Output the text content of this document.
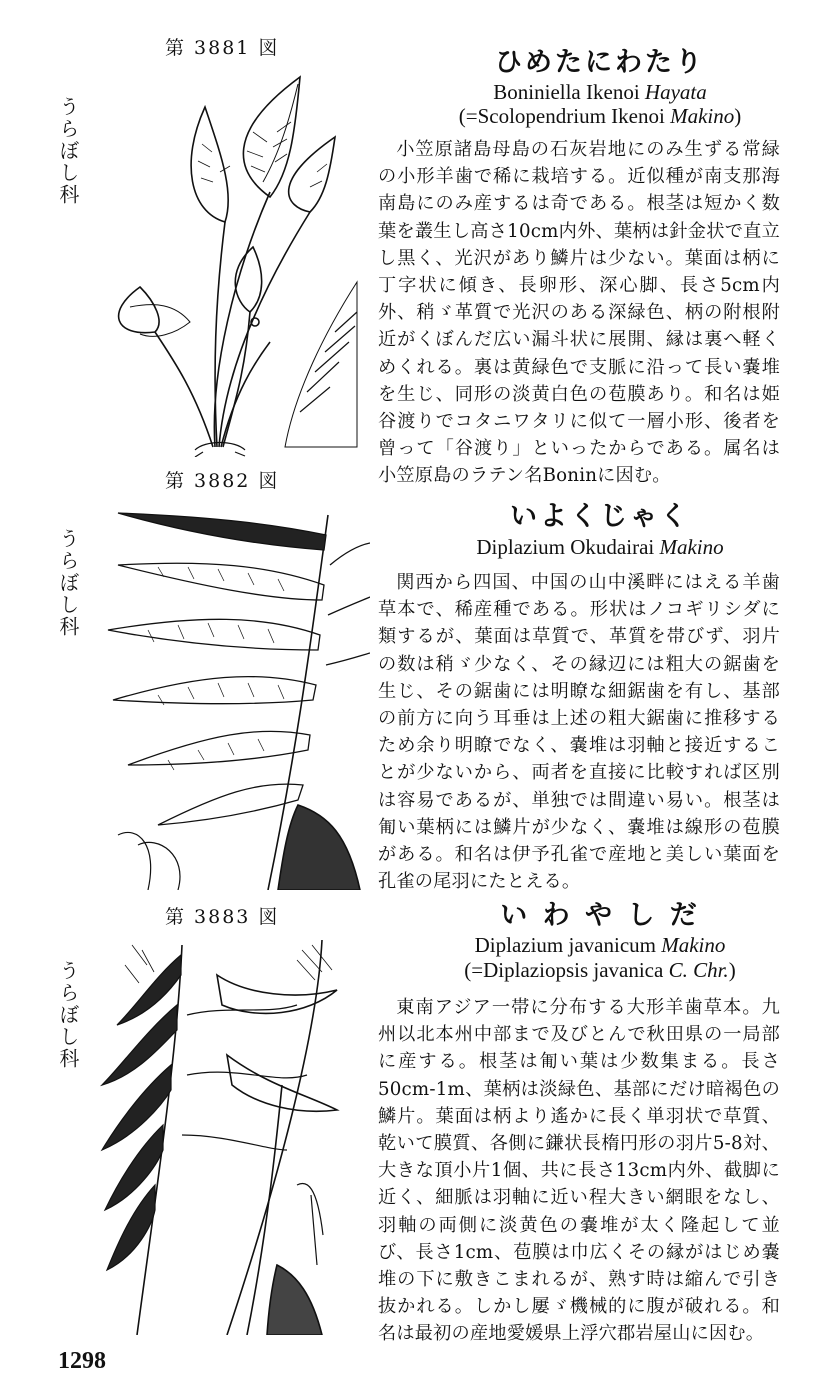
第 3881 図
うらぼし科
ひめたにわたり
Boniniella Ikenoi Hayata
(=Scolopendrium Ikenoi Makino)

小笠原諸島母島の石灰岩地にのみ生ずる常緑の小形羊歯で稀に栽培する。近似種が南支那海南島にのみ産するは奇である。根茎は短かく数葉を叢生し高さ10cm内外、葉柄は針金状で直立し黒く、光沢があり鱗片は少ない。葉面は柄に丁字状に傾き、長卵形、深心脚、長さ5cm内外、稍ゞ革質で光沢のある深緑色、柄の附根附近がくぼんだ広い漏斗状に展開、縁は裏へ軽くめくれる。裏は黄緑色で支脈に沿って長い嚢堆を生じ、同形の淡黄白色の苞膜あり。和名は姫谷渡りでコタニワタリに似て一層小形、後者を曾って「谷渡り」といったからである。属名は小笠原島のラテン名Boninに因む。

第 3882 図
うらぼし科
いよくじゃく
Diplazium Okudairai Makino

関西から四国、中国の山中溪畔にはえる羊歯草本で、稀産種である。形状はノコギリシダに類するが、葉面は草質で、革質を帯びず、羽片の数は稍ゞ少なく、その縁辺には粗大の鋸歯を生じ、その鋸歯には明瞭な細鋸歯を有し、基部の前方に向う耳垂は上述の粗大鋸歯に推移するため余り明瞭でなく、嚢堆は羽軸と接近することが少ないから、両者を直接に比較すれば区別は容易であるが、単独では間違い易い。根茎は匍い葉柄には鱗片が少なく、嚢堆は線形の苞膜がある。和名は伊予孔雀で産地と美しい葉面を孔雀の尾羽にたとえる。

第 3883 図
うらぼし科
い わ や し だ
Diplazium javanicum Makino
(=Diplaziopsis javanica C. Chr.)

東南アジア一帯に分布する大形羊歯草本。九州以北本州中部まで及びとんで秋田県の一局部に産する。根茎は匍い葉は少数集まる。長さ50cm-1m、葉柄は淡緑色、基部にだけ暗褐色の鱗片。葉面は柄より遙かに長く単羽状で草質、乾いて膜質、各側に鎌状長楕円形の羽片5-8対、大きな頂小片1個、共に長さ13cm内外、截脚に近く、細脈は羽軸に近い程大きい網眼をなし、羽軸の両側に淡黄色の嚢堆が太く隆起して並び、長さ1cm、苞膜は巾広くその縁がはじめ嚢堆の下に敷きこまれるが、熟す時は縮んで引き抜かれる。しかし屢ゞ機械的に腹が破れる。和名は最初の産地愛媛県上浮穴郡岩屋山に因む。

1298
